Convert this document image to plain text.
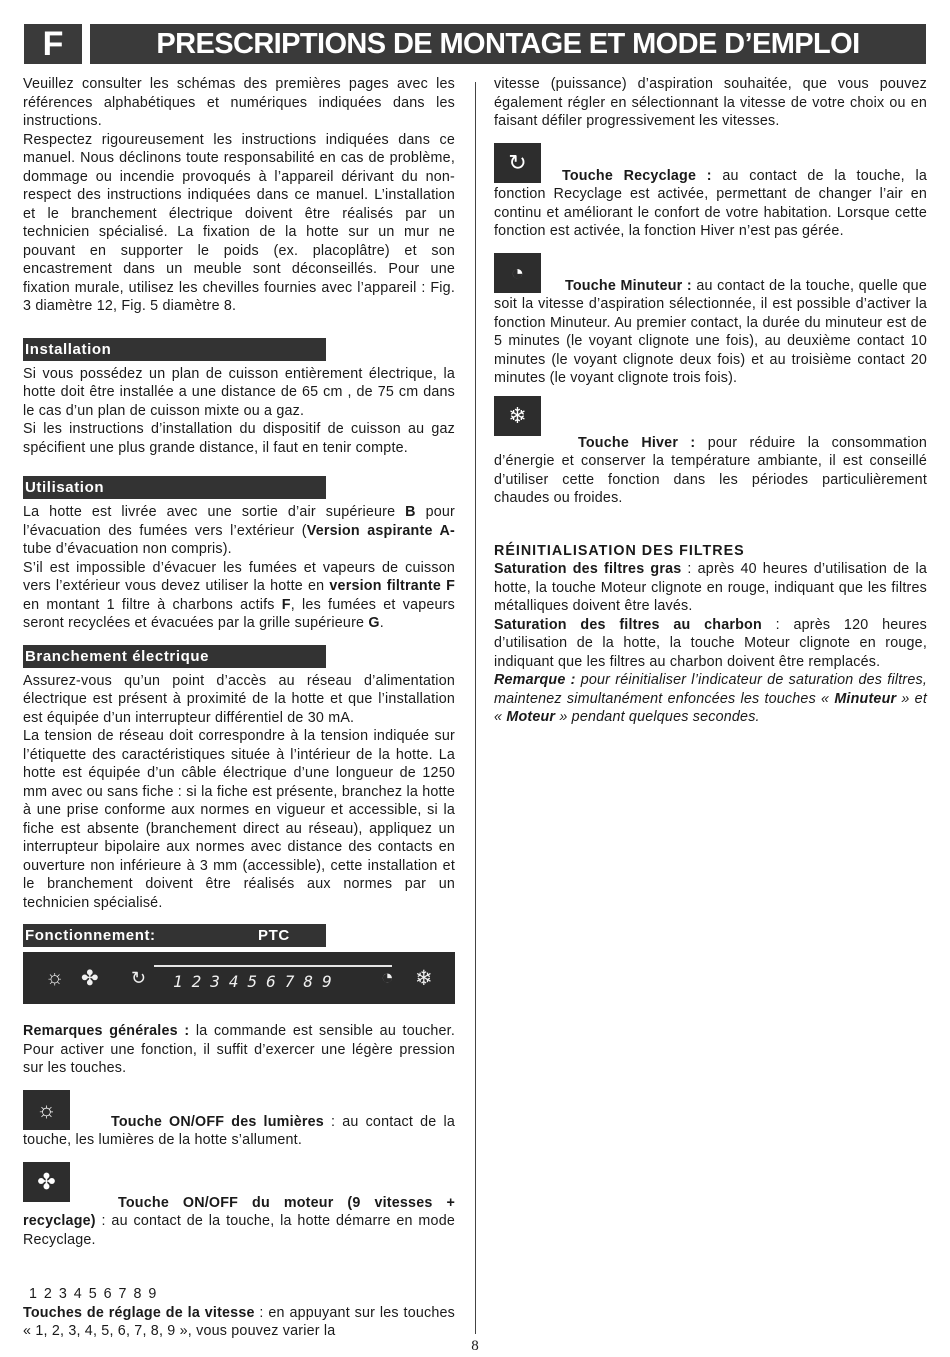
F	PRESCRIPTIONS DE MONTAGE ET MODE D’EMPLOI

Veuillez consulter les schémas des premières pages avec les références alphabétiques et numériques indiquées dans les instructions.

Respectez rigoureusement les instructions indiquées dans ce manuel. Nous déclinons toute responsabilité en cas de problème, dommage ou incendie provoqués à l’appareil dérivant du non-respect des instructions indiquées dans ce manuel. L’installation et le branchement électrique doivent être réalisés par un technicien spécialisé. La fixation de la hotte sur un mur ne pouvant en supporter le poids (ex. placoplâtre) et son encastrement dans un meuble sont déconseillés. Pour une fixation murale, utilisez les chevilles fournies avec l’appareil : Fig. 3 diamètre 12, Fig. 5 diamètre 8.

Installation

Si vous possédez un plan de cuisson entièrement électrique, la hotte doit être installée a une distance de 65 cm , de 75 cm dans le cas d’un plan de cuisson mixte ou a gaz.

Si les instructions d’installation du dispositif de cuisson au gaz spécifient une plus grande distance, il faut en tenir compte.

Utilisation

La hotte est livrée avec une sortie d’air supérieure B pour l’évacuation des fumées vers l’extérieur (Version aspirante A- tube d’évacuation non compris).

S’il est impossible d’évacuer les fumées et vapeurs de cuisson vers l’extérieur vous devez utiliser la hotte en version filtrante F en montant 1 filtre à charbons actifs F, les fumées et vapeurs seront recyclées et évacuées par la grille supérieure G.

Branchement électrique

Assurez-vous qu’un point d’accès au réseau d’alimentation électrique est présent à proximité de la hotte et que l’installation est équipée d’un interrupteur différentiel de 30 mA.

La tension de réseau doit correspondre à la tension indiquée sur l’étiquette des caractéristiques située à l’intérieur de la hotte. La hotte est équipée d’un câble électrique d’une longueur de 1250 mm avec ou sans fiche : si la fiche est présente, branchez la hotte à une prise conforme aux normes en vigueur et accessible, si la fiche est absente (branchement direct au réseau), appliquez un interrupteur bipolaire aux normes avec distance des contacts en ouverture non inférieure à 3 mm (accessible), cette installation et le branchement doivent être réalisés aux normes par un technicien spécialisé.

Fonctionnement:	PTC
☼ ✤ ↻ 123456789 ◔ ❄

Remarques générales : la commande est sensible au toucher. Pour activer une fonction, il suffit d’exercer une légère pression sur les touches.

☼	Touche ON/OFF des lumières : au contact de la touche, les lumières de la hotte s’allument.

✤

Touche ON/OFF du moteur (9 vitesses + recyclage) : au contact de la touche, la hotte démarre en mode Recyclage.

1 2 3 4 5 6 7 8 9

Touches de réglage de la vitesse : en appuyant sur les touches « 1, 2, 3, 4, 5, 6, 7, 8, 9 », vous pouvez varier la

vitesse (puissance) d’aspiration souhaitée, que vous pouvez également régler en sélectionnant la vitesse de votre choix ou en faisant défiler progressivement les vitesses.

↻

Touche Recyclage : au contact de la touche, la fonction Recyclage est activée, permettant de changer l’air en continu et améliorant le confort de votre habitation. Lorsque cette fonction est activée, la fonction Hiver n’est pas gérée.

◔

Touche Minuteur : au contact de la touche, quelle que soit la vitesse d’aspiration sélectionnée, il est possible d’activer la fonction Minuteur. Au premier contact, la durée du minuteur est de 5 minutes (le voyant clignote une fois), au deuxième contact 10 minutes (le voyant clignote deux fois) et au troisième contact 20 minutes (le voyant clignote trois fois).

❄

Touche Hiver : pour réduire la consommation d’énergie et conserver la température ambiante, il est conseillé d’utiliser cette fonction dans les périodes particulièrement chaudes ou froides.

RÉINITIALISATION DES FILTRES

Saturation des filtres gras : après 40 heures d’utilisation de la hotte, la touche Moteur clignote en rouge, indiquant que les filtres métalliques doivent être lavés.

Saturation des filtres au charbon : après 120 heures d’utilisation de la hotte, la touche Moteur clignote en rouge, indiquant que les filtres au charbon doivent être remplacés.

Remarque : pour réinitialiser l’indicateur de saturation des filtres, maintenez simultanément enfoncées les touches « Minuteur » et « Moteur » pendant quelques secondes.

8
